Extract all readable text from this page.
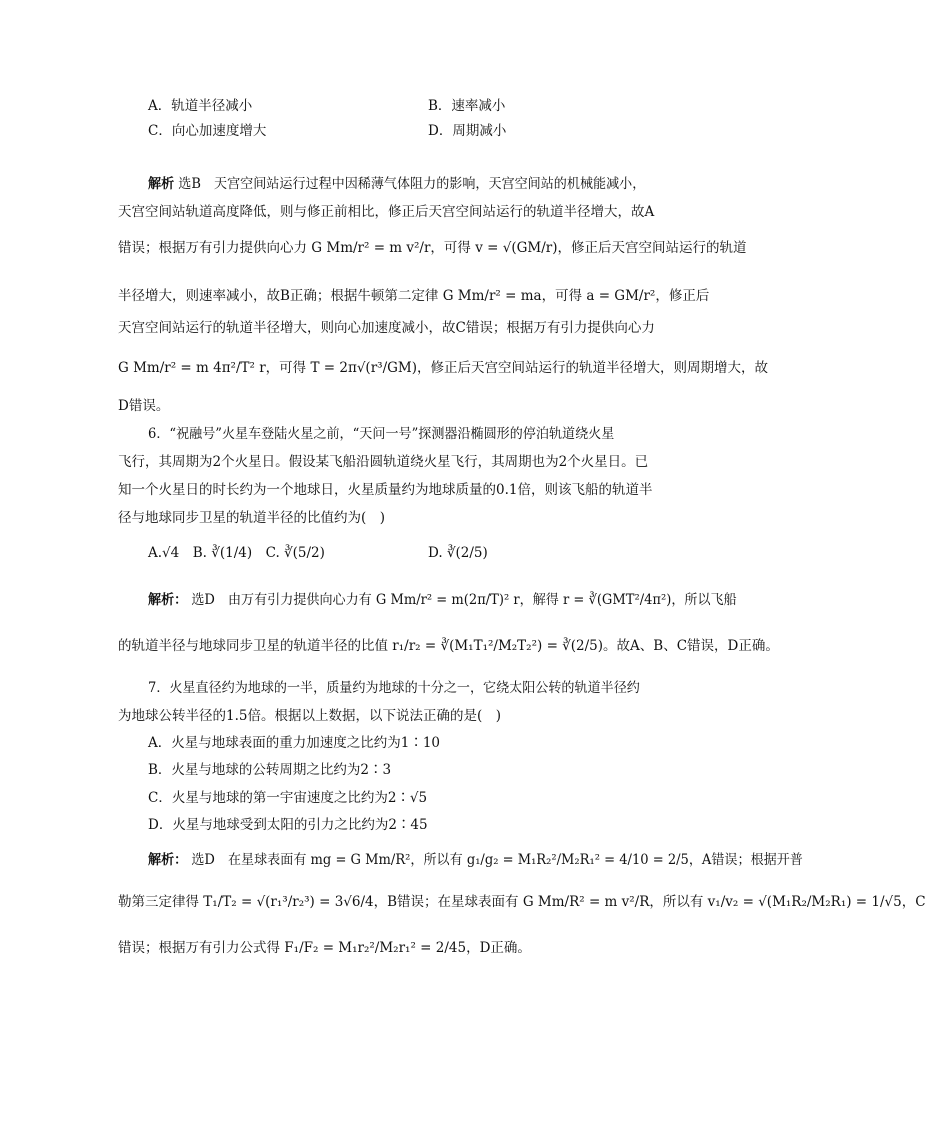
A．轨道半径减小	B．速率减小
C．向心加速度增大	D．周期减小
解析 选B　天宫空间站运行过程中因稀薄气体阻力的影响，天宫空间站的机械能减小，
天宫空间站轨道高度降低，则与修正前相比，修正后天宫空间站运行的轨道半径增大，故A
错误；根据万有引力提供向心力 G Mm/r² = m v²/r，可得 v = √(GM/r)，修正后天宫空间站运行的轨道
半径增大，则速率减小，故B正确；根据牛顿第二定律 G Mm/r² = ma，可得 a = GM/r²，修正后
天宫空间站运行的轨道半径增大，则向心加速度减小，故C错误；根据万有引力提供向心力
G Mm/r² = m 4π²/T² r，可得 T = 2π√(r³/GM)，修正后天宫空间站运行的轨道半径增大，则周期增大，故
D错误。
6．“祝融号”火星车登陆火星之前，“天问一号”探测器沿椭圆形的停泊轨道绕火星
飞行，其周期为2个火星日。假设某飞船沿圆轨道绕火星飞行，其周期也为2个火星日。已
知一个火星日的时长约为一个地球日，火星质量约为地球质量的0.1倍，则该飞船的轨道半
径与地球同步卫星的轨道半径的比值约为(　)
A.√4　B. ∛(1/4)　C. ∛(5/2)	D. ∛(2/5)
解析： 选D　由万有引力提供向心力有 G Mm/r² = m(2π/T)² r，解得 r = ∛(GMT²/4π²)，所以飞船
的轨道半径与地球同步卫星的轨道半径的比值 r₁/r₂ = ∛(M₁T₁²/M₂T₂²) = ∛(2/5)。故A、B、C错误，D正确。
7．火星直径约为地球的一半，质量约为地球的十分之一，它绕太阳公转的轨道半径约
为地球公转半径的1.5倍。根据以上数据，以下说法正确的是(　)
A．火星与地球表面的重力加速度之比约为1∶10
B．火星与地球的公转周期之比约为2∶3
C．火星与地球的第一宇宙速度之比约为2∶√5
D．火星与地球受到太阳的引力之比约为2∶45
解析： 选D　在星球表面有 mg = G Mm/R²，所以有 g₁/g₂ = M₁R₂²/M₂R₁² = 4/10 = 2/5，A错误；根据开普
勒第三定律得 T₁/T₂ = √(r₁³/r₂³) = 3√6/4，B错误；在星球表面有 G Mm/R² = m v²/R，所以有 v₁/v₂ = √(M₁R₂/M₂R₁) = 1/√5，C
错误；根据万有引力公式得 F₁/F₂ = M₁r₂²/M₂r₁² = 2/45，D正确。
